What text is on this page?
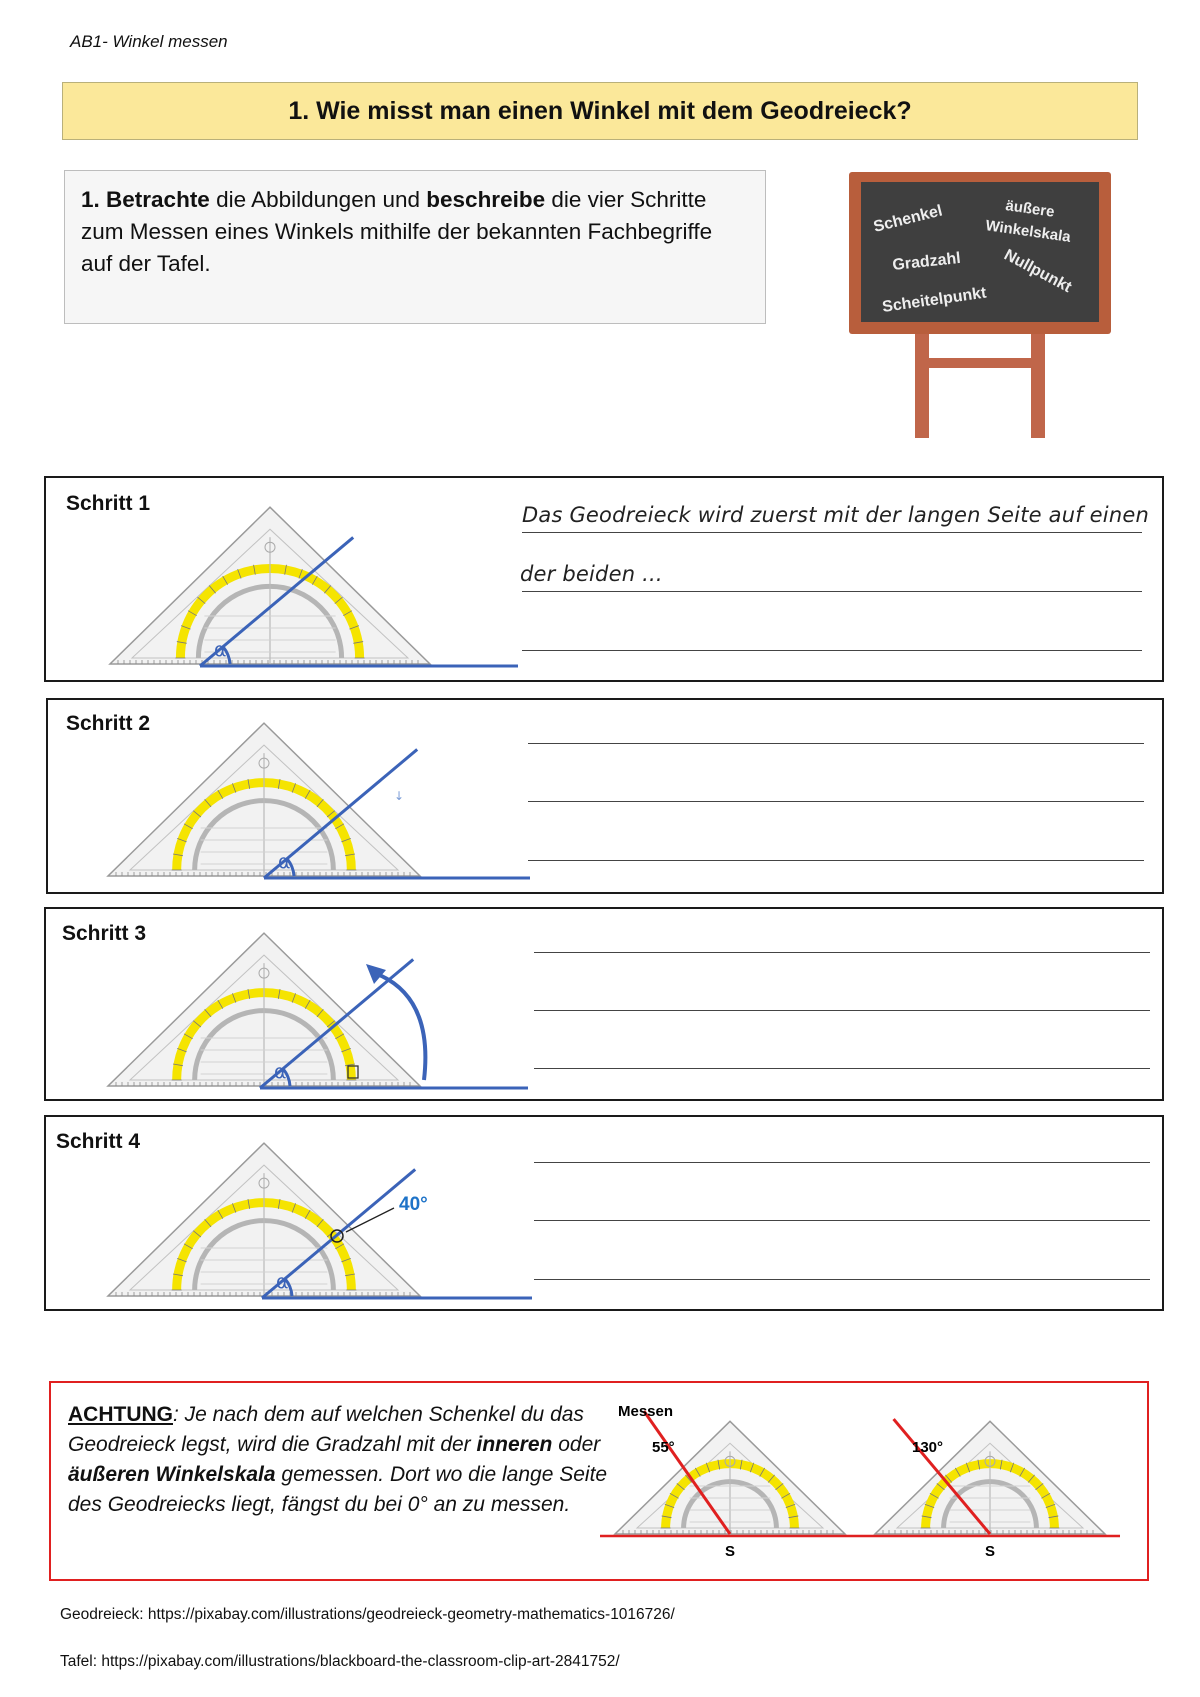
AB1- Winkel messen
1. Wie misst man einen Winkel mit dem Geodreieck?
1. Betrachte die Abbildungen und beschreibe die vier Schritte zum Messen eines Winkels mithilfe der bekannten Fachbegriffe auf der Tafel.
Schenkel	äußere
Winkelskala
Gradzahl Nullpunkt
Scheitelpunkt
Schritt 1
Schritt 2
Schritt 3
Schritt 4
α
α
↓
α
α
40°
Das Geodreieck wird zuerst mit der langen Seite auf einen
der beiden ...
ACHTUNG: Je nach dem auf welchen Schenkel du das Geodreieck legst, wird die Gradzahl mit der inneren oder äußeren Winkelskala gemessen. Dort wo die lange Seite des Geodreiecks liegt, fängst du bei 0° an zu messen.
S
55°
Messen
S
130°
Geodreieck: https://pixabay.com/illustrations/geodreieck-geometry-mathematics-1016726/
Tafel: https://pixabay.com/illustrations/blackboard-the-classroom-clip-art-2841752/
